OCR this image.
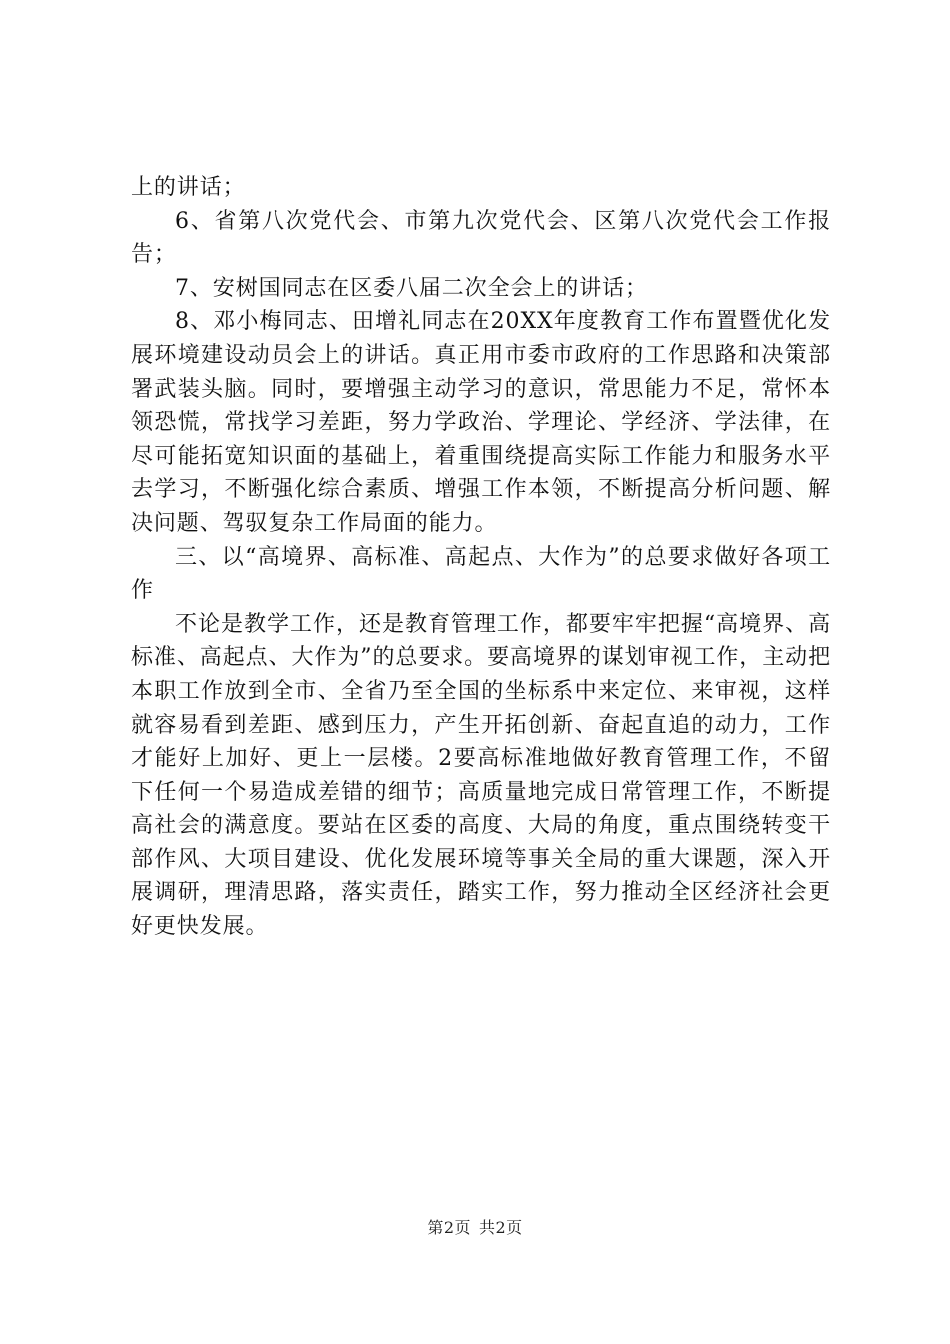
上的讲话；

6、省第八次党代会、市第九次党代会、区第八次党代会工作报告；

7、安树国同志在区委八届二次全会上的讲话；

8、邓小梅同志、田增礼同志在20XX年度教育工作布置暨优化发展环境建设动员会上的讲话。真正用市委市政府的工作思路和决策部署武装头脑。同时，要增强主动学习的意识，常思能力不足，常怀本领恐慌，常找学习差距，努力学政治、学理论、学经济、学法律，在尽可能拓宽知识面的基础上，着重围绕提高实际工作能力和服务水平去学习，不断强化综合素质、增强工作本领，不断提高分析问题、解决问题、驾驭复杂工作局面的能力。

三、以“高境界、高标准、高起点、大作为”的总要求做好各项工作

不论是教学工作，还是教育管理工作，都要牢牢把握“高境界、高标准、高起点、大作为”的总要求。要高境界的谋划审视工作，主动把本职工作放到全市、全省乃至全国的坐标系中来定位、来审视，这样就容易看到差距、感到压力，产生开拓创新、奋起直追的动力，工作才能好上加好、更上一层楼。2要高标准地做好教育管理工作，不留下任何一个易造成差错的细节；高质量地完成日常管理工作，不断提高社会的满意度。要站在区委的高度、大局的角度，重点围绕转变干部作风、大项目建设、优化发展环境等事关全局的重大课题，深入开展调研，理清思路，落实责任，踏实工作，努力推动全区经济社会更好更快发展。

第2页 共2页
